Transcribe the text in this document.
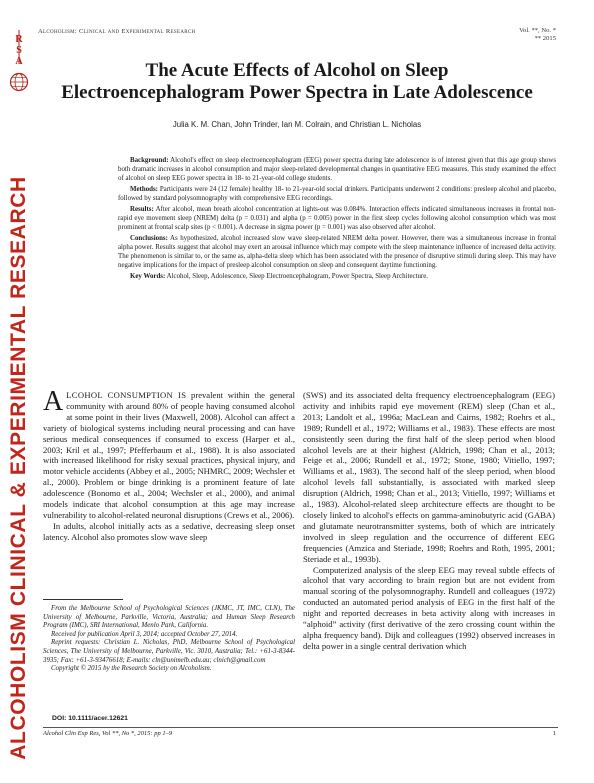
R
S
A
ALCOHOLISM CLINICAL & EXPERIMENTAL RESEARCH
Alcoholism: Clinical and Experimental Research	Vol. **, No. *
** 2015
The Acute Effects of Alcohol on Sleep
Electroencephalogram Power Spectra in Late Adolescence
Julia K. M. Chan, John Trinder, Ian M. Colrain, and Christian L. Nicholas

Background: Alcohol's effect on sleep electroencephalogram (EEG) power spectra during late adolescence is of interest given that this age group shows both dramatic increases in alcohol consumption and major sleep-related developmental changes in quantitative EEG measures. This study examined the effect of alcohol on sleep EEG power spectra in 18- to 21-year-old college students.

Methods: Participants were 24 (12 female) healthy 18- to 21-year-old social drinkers. Participants underwent 2 conditions: presleep alcohol and placebo, followed by standard polysomnography with comprehensive EEG recordings.

Results: After alcohol, mean breath alcohol concentration at lights-out was 0.084%. Interaction effects indicated simultaneous increases in frontal non-rapid eye movement sleep (NREM) delta (p = 0.031) and alpha (p = 0.005) power in the first sleep cycles following alcohol consumption which was most prominent at frontal scalp sites (p < 0.001). A decrease in sigma power (p = 0.001) was also observed after alcohol.

Conclusions: As hypothesized, alcohol increased slow wave sleep-related NREM delta power. However, there was a simultaneous increase in frontal alpha power. Results suggest that alcohol may exert an arousal influence which may compete with the sleep maintenance influence of increased delta activity. The phenomenon is similar to, or the same as, alpha-delta sleep which has been associated with the presence of disruptive stimuli during sleep. This may have negative implications for the impact of presleep alcohol consumption on sleep and consequent daytime functioning.

Key Words: Alcohol, Sleep, Adolescence, Sleep Electroencephalogram, Power Spectra, Sleep Architecture.

ALCOHOL CONSUMPTION IS prevalent within the general community with around 80% of people having consumed alcohol at some point in their lives (Maxwell, 2008). Alcohol can affect a variety of biological systems including neural processing and can have serious medical consequences if consumed to excess (Harper et al., 2003; Kril et al., 1997; Pfefferbaum et al., 1988). It is also associated with increased likelihood for risky sexual practices, physical injury, and motor vehicle accidents (Abbey et al., 2005; NHMRC, 2009; Wechsler et al., 2000). Problem or binge drinking is a prominent feature of late adolescence (Bonomo et al., 2004; Wechsler et al., 2000), and animal models indicate that alcohol consumption at this age may increase vulnerability to alcohol-related neuronal disruptions (Crews et al., 2006).

In adults, alcohol initially acts as a sedative, decreasing sleep onset latency. Alcohol also promotes slow wave sleep

(SWS) and its associated delta frequency electroencephalogram (EEG) activity and inhibits rapid eye movement (REM) sleep (Chan et al., 2013; Landolt et al., 1996a; MacLean and Cairns, 1982; Roehrs et al., 1989; Rundell et al., 1972; Williams et al., 1983). These effects are most consistently seen during the first half of the sleep period when blood alcohol levels are at their highest (Aldrich, 1998; Chan et al., 2013; Feige et al., 2006; Rundell et al., 1972; Stone, 1980; Vitiello, 1997; Williams et al., 1983). The second half of the sleep period, when blood alcohol levels fall substantially, is associated with marked sleep disruption (Aldrich, 1998; Chan et al., 2013; Vitiello, 1997; Williams et al., 1983). Alcohol-related sleep architecture effects are thought to be closely linked to alcohol's effects on gamma-aminobutyric acid (GABA) and glutamate neurotransmitter systems, both of which are intricately involved in sleep regulation and the occurrence of different EEG frequencies (Amzica and Steriade, 1998; Roehrs and Roth, 1995, 2001; Steriade et al., 1993b).

Computerized analysis of the sleep EEG may reveal subtle effects of alcohol that vary according to brain region but are not evident from manual scoring of the polysomnography. Rundell and colleagues (1972) conducted an automated period analysis of EEG in the first half of the night and reported decreases in beta activity along with increases in “alphoid” activity (first derivative of the zero crossing count within the alpha frequency band). Dijk and colleagues (1992) observed increases in delta power in a single central derivation which

From the Melbourne School of Psychological Sciences (JKMC, JT, IMC, CLN), The University of Melbourne, Parkville, Victoria, Australia; and Human Sleep Research Program (IMC), SRI International, Menlo Park, California.

Received for publication April 3, 2014; accepted October 27, 2014.

Reprint requests: Christian L. Nicholas, PhD, Melbourne School of Psychological Sciences, The University of Melbourne, Parkville, Vic. 3010, Australia; Tel.: +61-3-8344-3935; Fax: +61-3-93476618; E-mails: cln@unimelb.edu.au; clnich@gmail.com

Copyright © 2015 by the Research Society on Alcoholism.

DOI: 10.1111/acer.12621
Alcohol Clin Exp Res, Vol **, No *, 2015: pp 1–9	1
